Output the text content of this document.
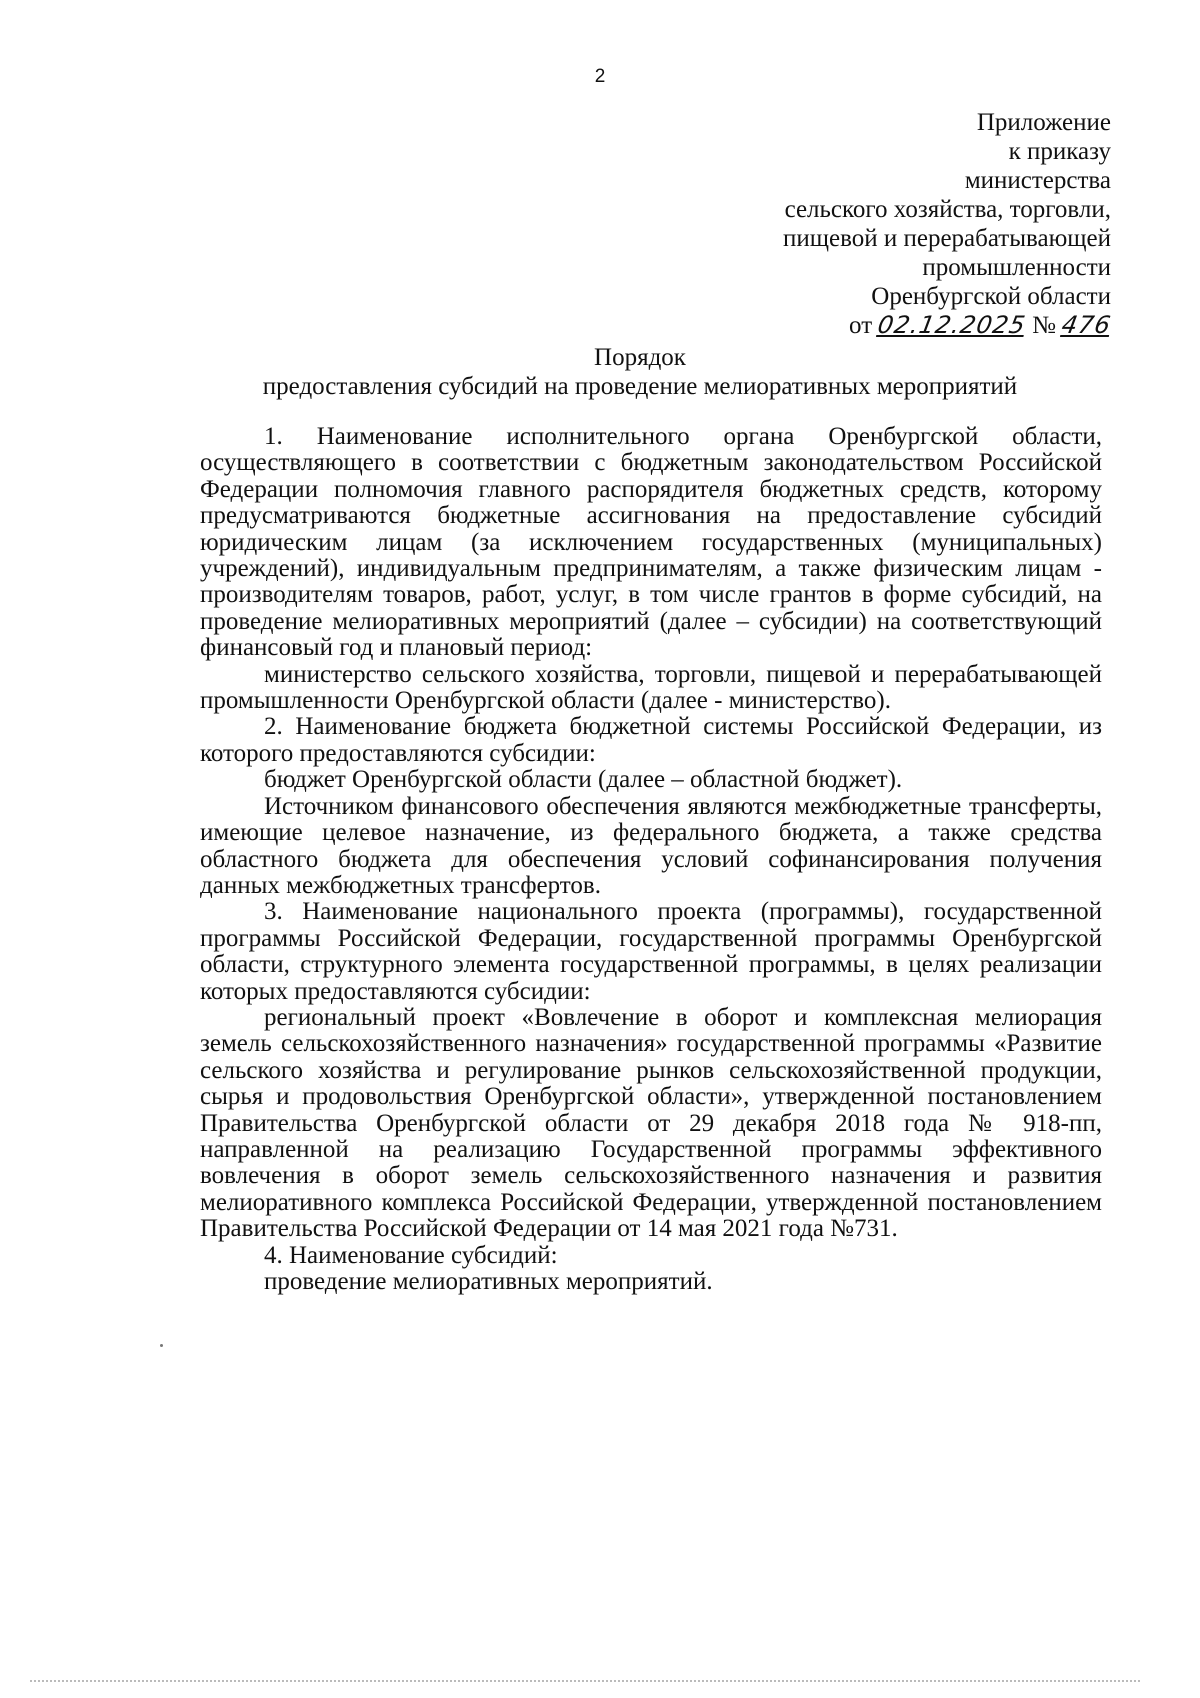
2
Приложение
к приказу
министерства
сельского хозяйства, торговли,
пищевой и перерабатывающей
промышленности
Оренбургской области
от 02.12.2025 № 476
Порядок
предоставления субсидий на проведение мелиоративных мероприятий

1. Наименование исполнительного органа Оренбургской области, осуществляющего в соответствии с бюджетным законодательством Российской Федерации полномочия главного распорядителя бюджетных средств, которому предусматриваются бюджетные ассигнования на предоставление субсидий юридическим лицам (за исключением государственных (муниципальных) учреждений), индивидуальным предпринимателям, а также физическим лицам - производителям товаров, работ, услуг, в том числе грантов в форме субсидий, на проведение мелиоративных мероприятий (далее – субсидии) на соответствующий финансовый год и плановый период:

министерство сельского хозяйства, торговли, пищевой и перерабатывающей промышленности Оренбургской области (далее - министерство).

2. Наименование бюджета бюджетной системы Российской Федерации, из которого предоставляются субсидии:

бюджет Оренбургской области (далее – областной бюджет).

Источником финансового обеспечения являются межбюджетные трансферты, имеющие целевое назначение, из федерального бюджета, а также средства областного бюджета для обеспечения условий софинансирования получения данных межбюджетных трансфертов.

3. Наименование национального проекта (программы), государственной программы Российской Федерации, государственной программы Оренбургской области, структурного элемента государственной программы, в целях реализации которых предоставляются субсидии:

региональный проект «Вовлечение в оборот и комплексная мелиорация земель сельскохозяйственного назначения» государственной программы «Развитие сельского хозяйства и регулирование рынков сельскохозяйственной продукции, сырья и продовольствия Оренбургской области», утвержденной постановлением Правительства Оренбургской области от 29 декабря 2018 года № 918-пп, направленной на реализацию Государственной программы эффективного вовлечения в оборот земель сельскохозяйственного назначения и развития мелиоративного комплекса Российской Федерации, утвержденной постановлением Правительства Российской Федерации от 14 мая 2021 года №731.

4. Наименование субсидий:

проведение мелиоративных мероприятий.
